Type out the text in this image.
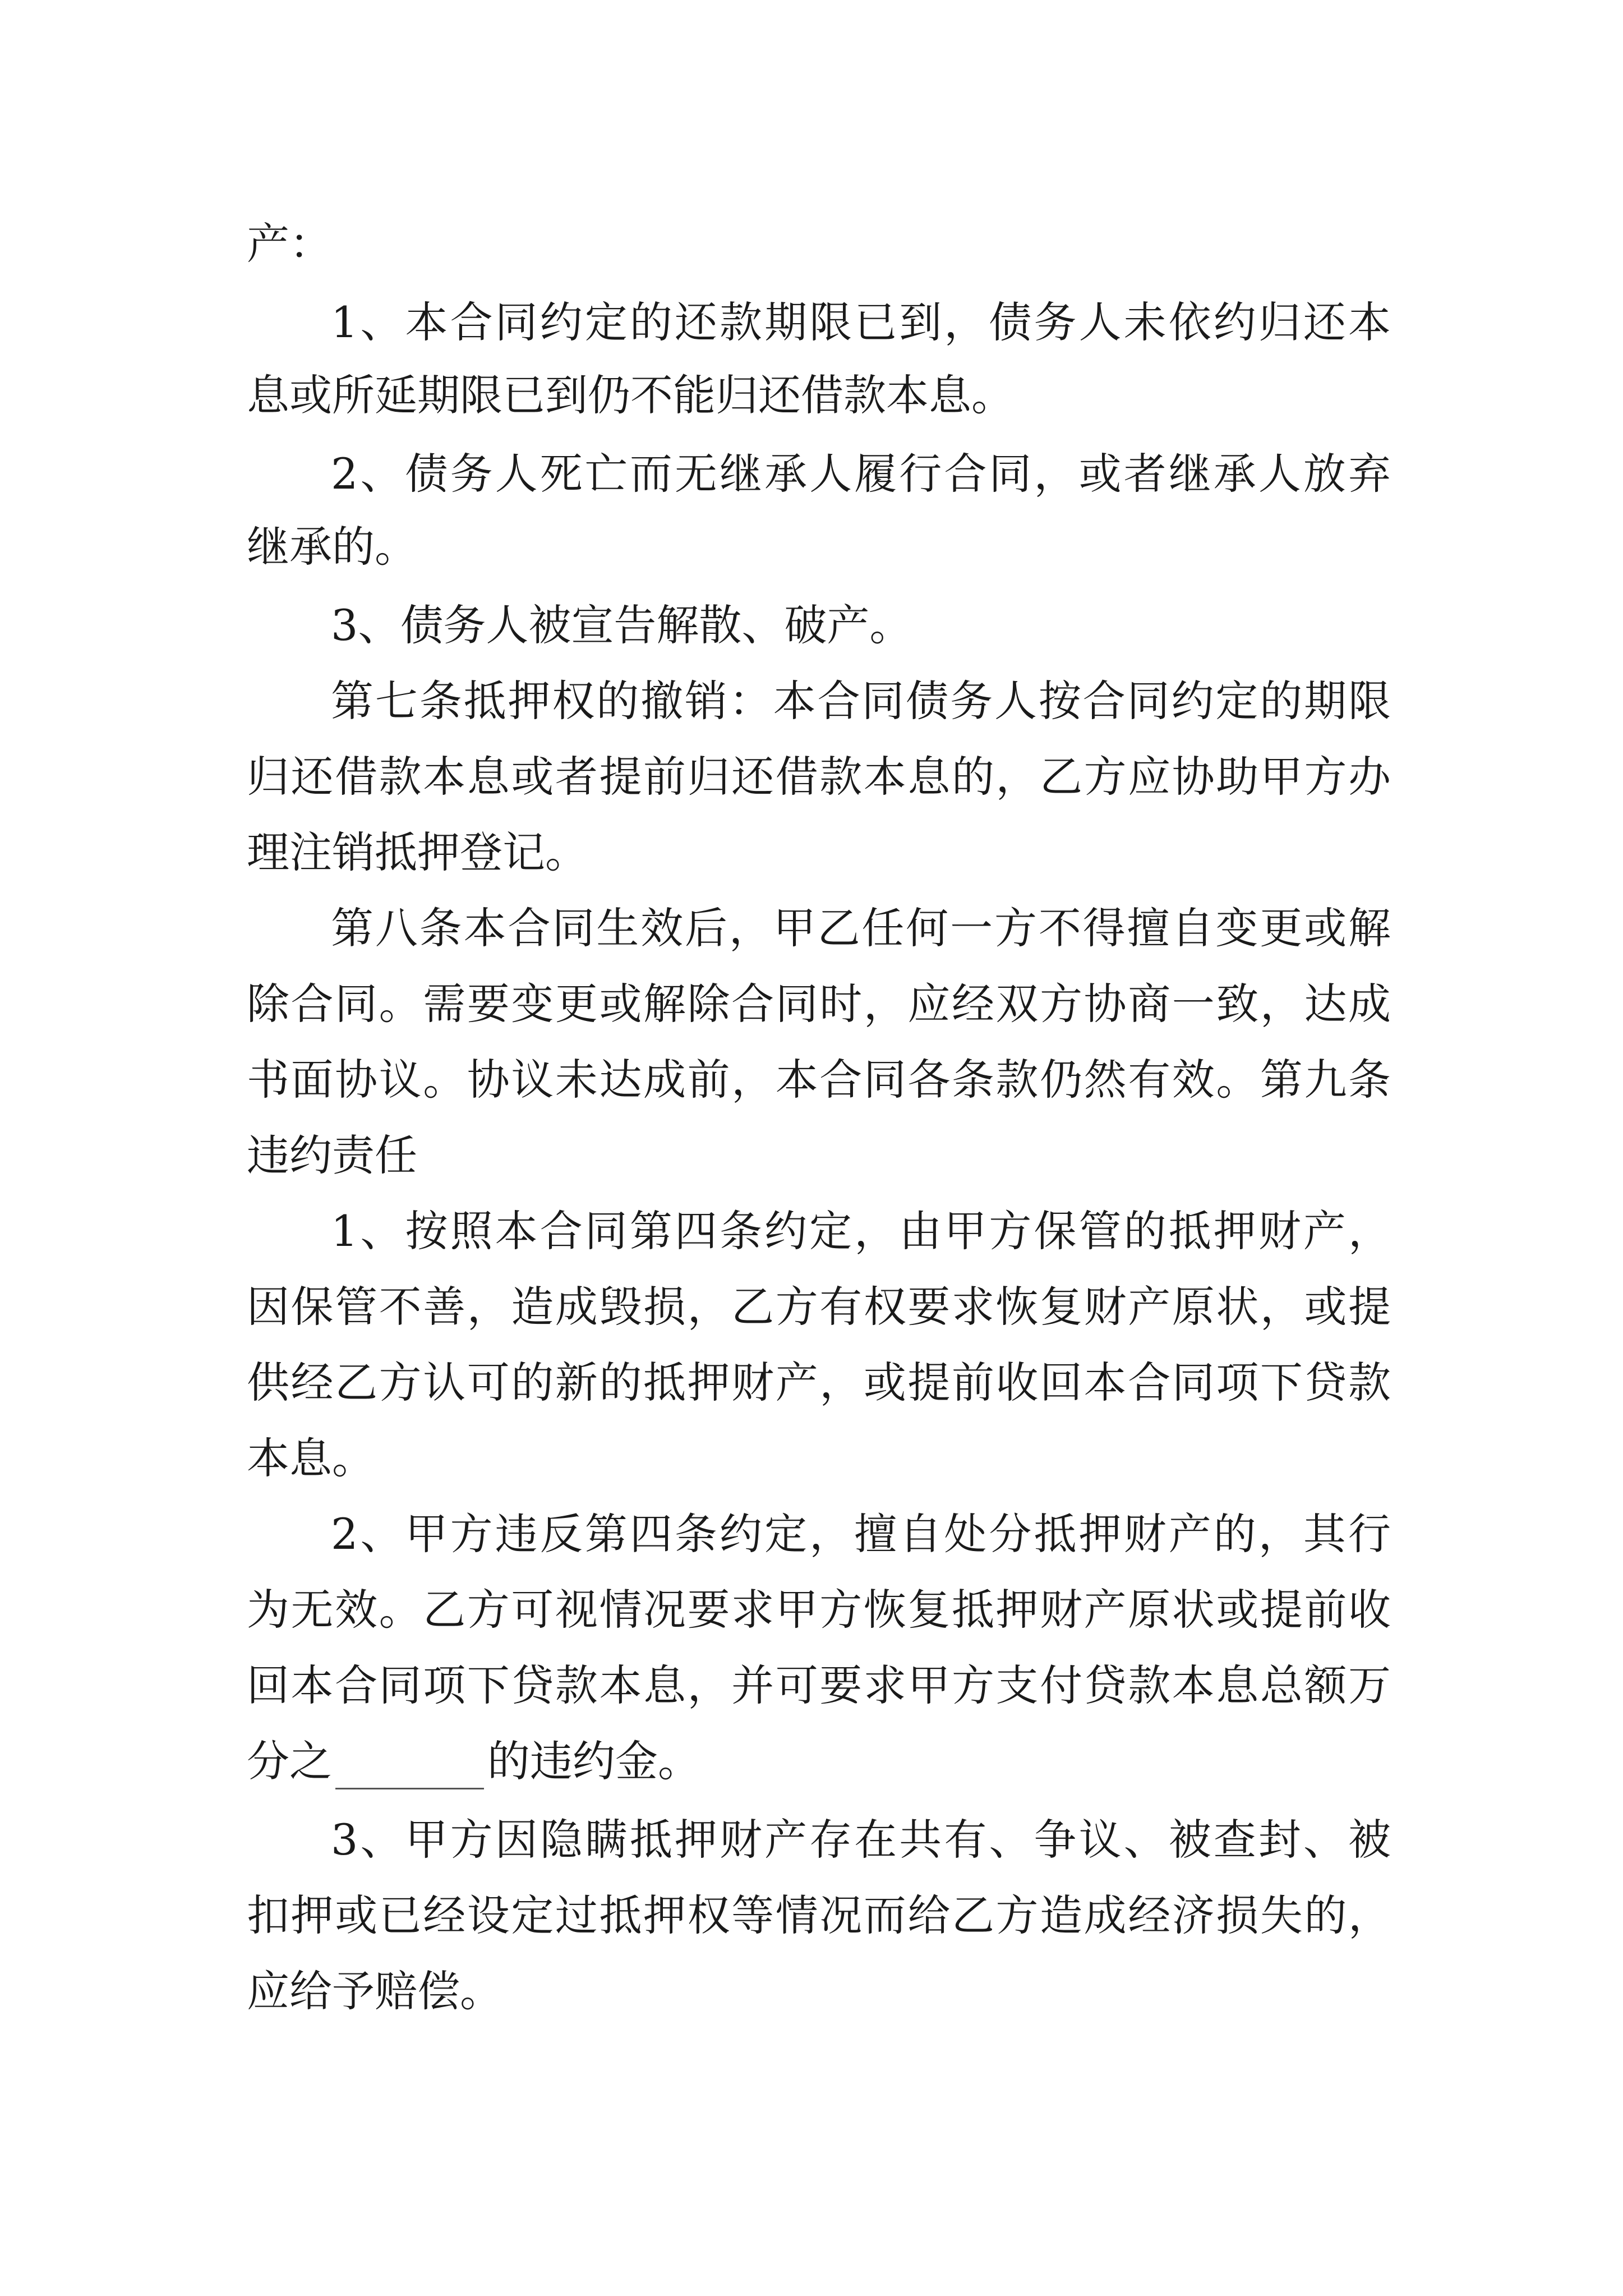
产：
1、本合同约定的还款期限已到，债务人未依约归还本
息或所延期限已到仍不能归还借款本息。
2、债务人死亡而无继承人履行合同，或者继承人放弃
继承的。
3、债务人被宣告解散、破产。
第七条抵押权的撤销：本合同债务人按合同约定的期限
归还借款本息或者提前归还借款本息的，乙方应协助甲方办
理注销抵押登记。
第八条本合同生效后，甲乙任何一方不得擅自变更或解
除合同。需要变更或解除合同时，应经双方协商一致，达成
书面协议。协议未达成前，本合同各条款仍然有效。第九条
违约责任
1、按照本合同第四条约定，由甲方保管的抵押财产，
因保管不善，造成毁损，乙方有权要求恢复财产原状，或提
供经乙方认可的新的抵押财产，或提前收回本合同项下贷款
本息。
2、甲方违反第四条约定，擅自处分抵押财产的，其行
为无效。乙方可视情况要求甲方恢复抵押财产原状或提前收
回本合同项下贷款本息，并可要求甲方支付贷款本息总额万
分之	的违约金。
3、甲方因隐瞒抵押财产存在共有、争议、被查封、被
扣押或已经设定过抵押权等情况而给乙方造成经济损失的，
应给予赔偿。
